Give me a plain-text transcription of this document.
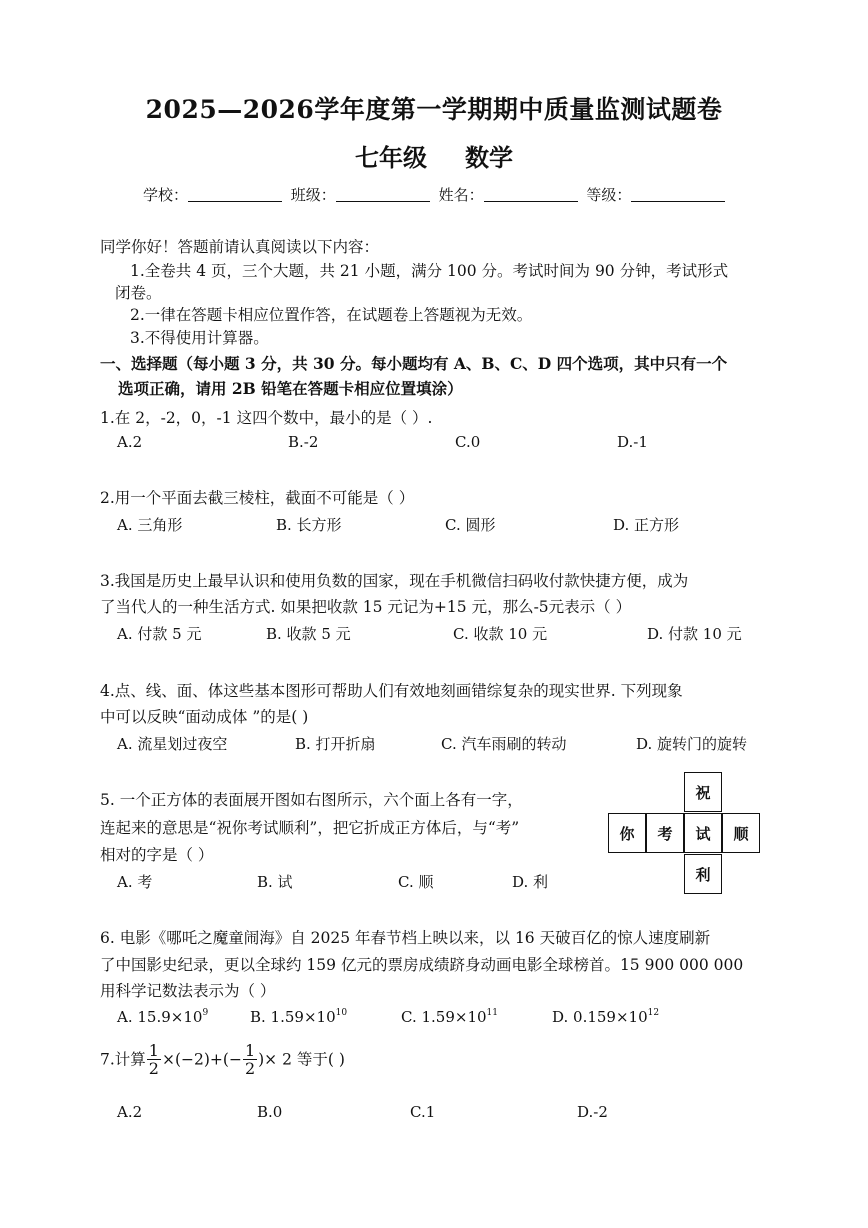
2025—2026学年度第一学期期中质量监测试题卷
七年级 数学
学校：	班级：	姓名：	等级：
同学你好！答题前请认真阅读以下内容：
1.全卷共 4 页，三个大题，共 21 小题，满分 100 分。考试时间为 90 分钟，考试形式
闭卷。
2.一律在答题卡相应位置作答，在试题卷上答题视为无效。
3.不得使用计算器。
一、选择题（每小题 3 分，共 30 分。每小题均有 A、B、C、D 四个选项，其中只有一个
选项正确，请用 2B 铅笔在答题卡相应位置填涂）
1.在 2，-2，0，-1 这四个数中，最小的是（ ）.
A.2	B.-2	C.0	D.-1
2.用一个平面去截三棱柱，截面不可能是（ ）
A. 三角形	B. 长方形	C. 圆形	D. 正方形
3.我国是历史上最早认识和使用负数的国家，现在手机微信扫码收付款快捷方便，成为
了当代人的一种生活方式. 如果把收款 15 元记为+15 元，那么-5元表示（ ）
A. 付款 5 元	B. 收款 5 元	C. 收款 10 元	D. 付款 10 元
4.点、线、面、体这些基本图形可帮助人们有效地刻画错综复杂的现实世界. 下列现象
中可以反映“面动成体 ”的是( )
A. 流星划过夜空	B. 打开折扇	C. 汽车雨刷的转动	D. 旋转门的旋转
5. 一个正方体的表面展开图如右图所示，六个面上各有一字，
连起来的意思是“祝你考试顺利”，把它折成正方体后，与“考”
相对的字是（ ）
A. 考	B. 试	C. 顺	D. 利
祝
你	考	试	顺
利
6. 电影《哪吒之魔童闹海》自 2025 年春节档上映以来，以 16 天破百亿的惊人速度刷新
了中国影史纪录，更以全球约 159 亿元的票房成绩跻身动画电影全球榜首。15 900 000 000
用科学记数法表示为（ ）
A. $15.9\times 10^9$	B. $1.59\times 10^{10}$	C. $1.59\times 10^{11}$	D. $0.159\times 10^{12}$
7.计算 $\frac{1}{2} \times(-2)+(- \frac{1}{2}$ )× 2 等于( )
A.2	B.0	C.1	D.-2
